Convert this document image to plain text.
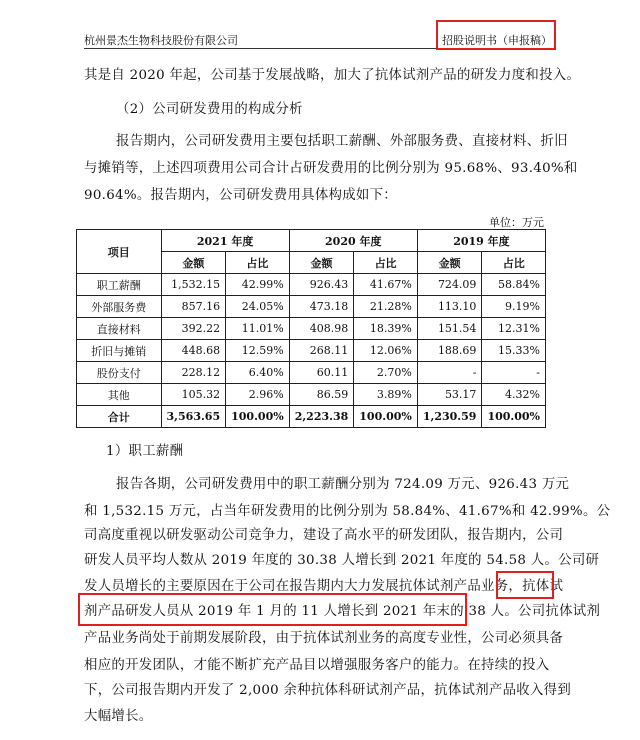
杭州景杰生物科技股份有限公司	招股说明书（申报稿）
其是自 2020 年起，公司基于发展战略，加大了抗体试剂产品的研发力度和投入。
（2）公司研发费用的构成分析
报告期内，公司研发费用主要包括职工薪酬、外部服务费、直接材料、折旧
与摊销等，上述四项费用公司合计占研发费用的比例分别为 95.68%、93.40%和
90.64%。报告期内，公司研发费用具体构成如下：
单位：万元
项目	2021 年度		2020 年度		2019 年度	
	金额	占比	金额	占比	金额	占比
职工薪酬	1,532.15	42.99%	926.43	41.67%	724.09	58.84%
外部服务费	857.16	24.05%	473.18	21.28%	113.10	9.19%
直接材料	392.22	11.01%	408.98	18.39%	151.54	12.31%
折旧与摊销	448.68	12.59%	268.11	12.06%	188.69	15.33%
股份支付	228.12	6.40%	60.11	2.70%	-	-
其他	105.32	2.96%	86.59	3.89%	53.17	4.32%
合计	3,563.65	100.00%	2,223.38	100.00%	1,230.59	100.00%
1）职工薪酬
报告各期，公司研发费用中的职工薪酬分别为 724.09 万元、926.43 万元
和 1,532.15 万元，占当年研发费用的比例分别为 58.84%、41.67%和 42.99%。公
司高度重视以研发驱动公司竞争力，建设了高水平的研发团队，报告期内，公司
研发人员平均人数从 2019 年度的 30.38 人增长到 2021 年度的 54.58 人。公司研
发人员增长的主要原因在于公司在报告期内大力发展抗体试剂产品业务，抗体试
剂产品研发人员从 2019 年 1 月的 11 人增长到 2021 年末的 38 人。公司抗体试剂
产品业务尚处于前期发展阶段，由于抗体试剂业务的高度专业性，公司必须具备
相应的开发团队，才能不断扩充产品目以增强服务客户的能力。在持续的投入
下，公司报告期内开发了 2,000 余种抗体科研试剂产品，抗体试剂产品收入得到
大幅增长。
